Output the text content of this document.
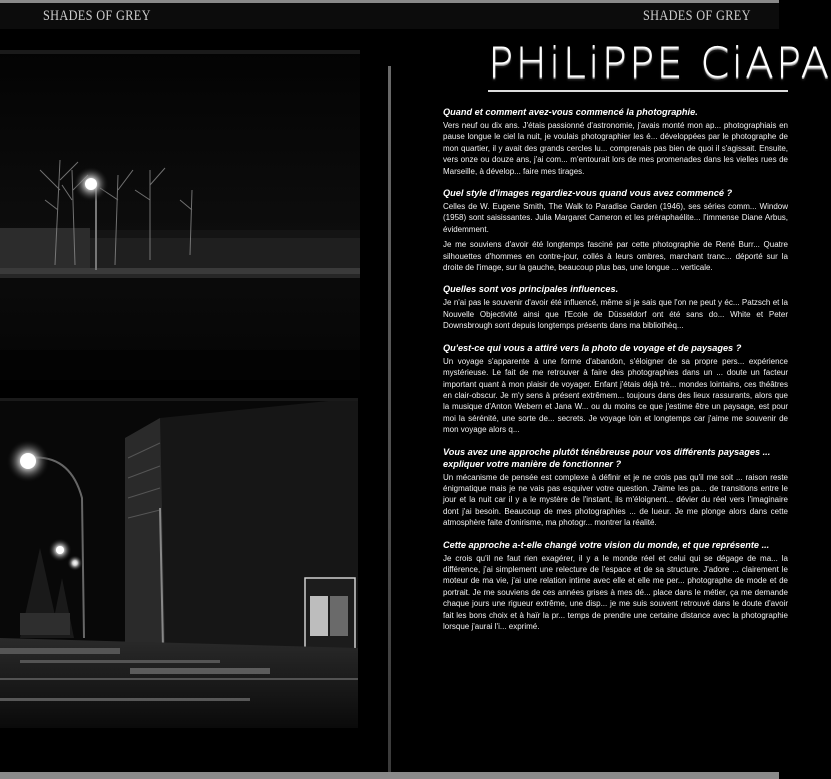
SHADES OF GREY	SHADES OF GREY
PHiLiPPE CiAPA
Quand et comment avez-vous commencé la photographie.

Vers neuf ou dix ans. J'étais passionné d'astronomie, j'avais monté mon ap... photographiais en pause longue le ciel la nuit, je voulais photographier les é... développées par le photographe de mon quartier, il y avait des grands cercles lu... comprenais pas bien de quoi il s'agissait. Ensuite, vers onze ou douze ans, j'ai com... m'entourait lors de mes promenades dans les vielles rues de Marseille, à dévelop... faire mes tirages.

Quel style d'images regardiez-vous quand vous avez commencé ?

Celles de W. Eugene Smith, The Walk to Paradise Garden (1946), ses séries comm... Window (1958) sont saisissantes. Julia Margaret Cameron et les préraphaélite... l'immense Diane Arbus, évidemment.

Je me souviens d'avoir été longtemps fasciné par cette photographie de René Burr... Quatre silhouettes d'hommes en contre-jour, collés à leurs ombres, marchant tranc... déporté sur la droite de l'image, sur la gauche, beaucoup plus bas, une longue ... verticale.

Quelles sont vos principales influences.

Je n'ai pas le souvenir d'avoir été influencé, même si je sais que l'on ne peut y éc... Patzsch et la Nouvelle Objectivité ainsi que l'Ecole de Düsseldorf ont été sans do... White et Peter Downsbrough sont depuis longtemps présents dans ma bibliothèq...

Qu'est-ce qui vous a attiré vers la photo de voyage et de paysages ?

Un voyage s'apparente à une forme d'abandon, s'éloigner de sa propre pers... expérience mystérieuse. Le fait de me retrouver à faire des photographies dans un ... doute un facteur important quant à mon plaisir de voyager. Enfant j'étais déjà trè... mondes lointains, ces théâtres en clair-obscur. Je m'y sens à présent extrêmem... toujours dans des lieux rassurants, alors que la musique d'Anton Webern et Jana W... ou du moins ce que j'estime être un paysage, est pour moi la sérénité, une sorte de... secrets. Je voyage loin et longtemps car j'aime me souvenir de mon voyage alors q...

Vous avez une approche plutôt ténébreuse pour vos différents paysages ... expliquer votre manière de fonctionner ?

Un mécanisme de pensée est complexe à définir et je ne crois pas qu'il me soit ... raison reste énigmatique mais je ne vais pas esquiver votre question. J'aime les pa... de transitions entre le jour et la nuit car il y a le mystère de l'instant, ils m'éloignent... dévier du réel vers l'imaginaire dont j'ai besoin. Beaucoup de mes photographies ... de lueur. Je me plonge alors dans cette atmosphère faite d'onirisme, ma photogr... montrer la réalité.

Cette approche a-t-elle changé votre vision du monde, et que représente ...

Je crois qu'il ne faut rien exagérer, il y a le monde réel et celui qui se dégage de ma... la différence, j'ai simplement une relecture de l'espace et de sa structure. J'adore ... clairement le moteur de ma vie, j'ai une relation intime avec elle et elle me per... photographe de mode et de portrait. Je me souviens de ces années grises à mes dé... place dans le métier, ça me demande chaque jours une rigueur extrême, une disp... je me suis souvent retrouvé dans le doute d'avoir fait les bons choix et à haïr la pr... temps de prendre une certaine distance avec la photographie lorsque j'aurai l'i... exprimé.
